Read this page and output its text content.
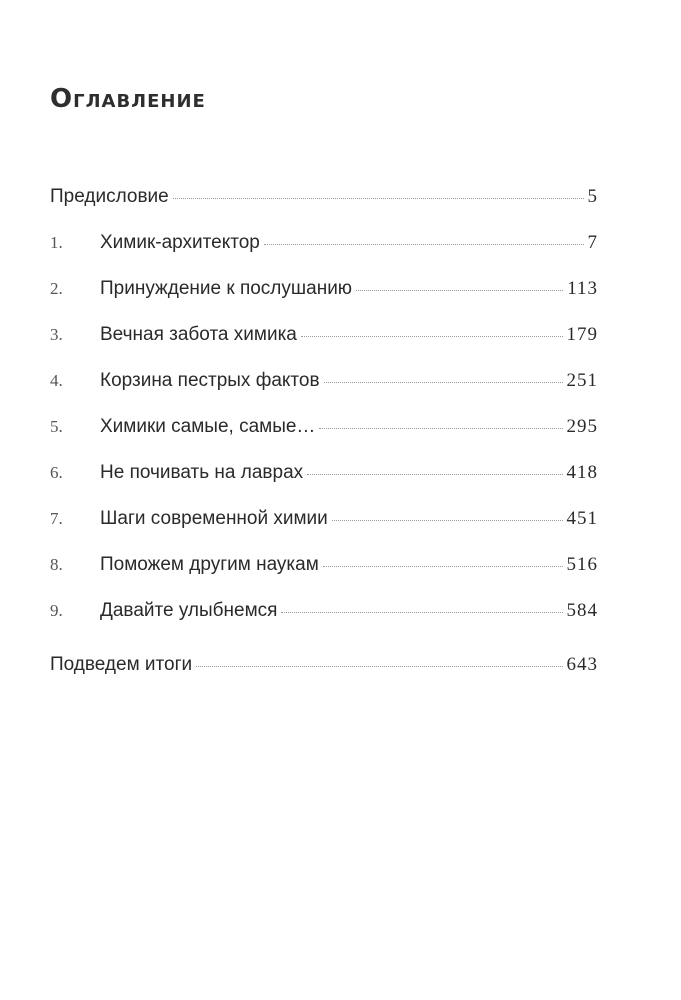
Оглавление
Предисловие	5
1.	Химик-архитектор	7
2.	Принуждение к послушанию	113
3.	Вечная забота химика	179
4.	Корзина пестрых фактов	251
5.	Химики самые, самые…	295
6.	Не почивать на лаврах	418
7.	Шаги современной химии	451
8.	Поможем другим наукам	516
9.	Давайте улыбнемся	584
Подведем итоги	643
